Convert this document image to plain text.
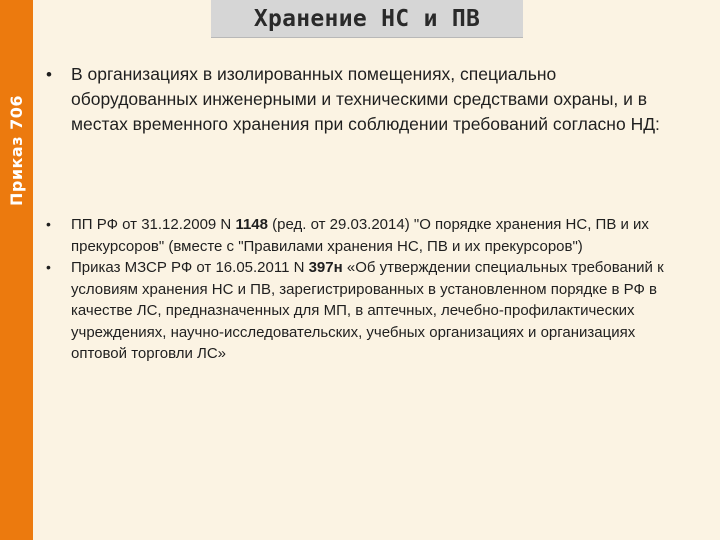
Приказ 706
Хранение НС и ПВ
• В организациях в изолированных помещениях, специально оборудованных инженерными и техническими средствами охраны, и в местах временного хранения при соблюдении требований согласно НД:
• ПП РФ от 31.12.2009 N 1148 (ред. от 29.03.2014) "О порядке хранения НС, ПВ и их прекурсоров" (вместе с "Правилами хранения НС, ПВ и их прекурсоров")
• Приказ МЗСР РФ от 16.05.2011 N 397н «Об утверждении специальных требований к условиям хранения НС и ПВ, зарегистрированных в установленном порядке в РФ в качестве ЛС, предназначенных для МП, в аптечных, лечебно-профилактических учреждениях, научно-исследовательских, учебных организациях и организациях оптовой торговли ЛС»
